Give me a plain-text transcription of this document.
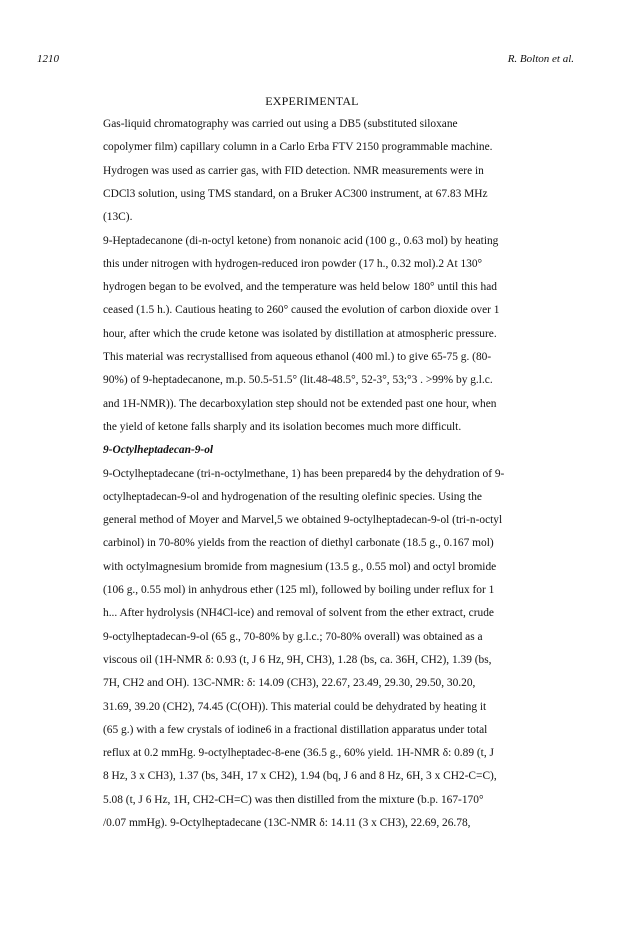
1210	R. Bolton et al.
EXPERIMENTAL
Gas-liquid chromatography was carried out using a DB5 (substituted siloxane
copolymer film) capillary column in a Carlo Erba FTV 2150 programmable machine.
Hydrogen was used as carrier gas, with FID detection. NMR measurements were in
CDCl3 solution, using TMS standard, on a Bruker AC300 instrument, at 67.83 MHz
(13C).
9-Heptadecanone (di-n-octyl ketone) from nonanoic acid (100 g., 0.63 mol) by heating
this under nitrogen with hydrogen-reduced iron powder (17 h., 0.32 mol).2 At 130°
hydrogen began to be evolved, and the temperature was held below 180° until this had
ceased (1.5 h.). Cautious heating to 260° caused the evolution of carbon dioxide over 1
hour, after which the crude ketone was isolated by distillation at atmospheric pressure.
This material was recrystallised from aqueous ethanol (400 ml.) to give 65-75 g. (80-
90%) of 9-heptadecanone, m.p. 50.5-51.5° (lit.48-48.5°, 52-3°, 53;°3 . >99% by g.l.c.
and 1H-NMR)). The decarboxylation step should not be extended past one hour, when
the yield of ketone falls sharply and its isolation becomes much more difficult.
9-Octylheptadecan-9-ol
9-Octylheptadecane (tri-n-octylmethane, 1) has been prepared4 by the dehydration of 9-
octylheptadecan-9-ol and hydrogenation of the resulting olefinic species. Using the
general method of Moyer and Marvel,5 we obtained 9-octylheptadecan-9-ol (tri-n-octyl
carbinol) in 70-80% yields from the reaction of diethyl carbonate (18.5 g., 0.167 mol)
with octylmagnesium bromide from magnesium (13.5 g., 0.55 mol) and octyl bromide
(106 g., 0.55 mol) in anhydrous ether (125 ml), followed by boiling under reflux for 1
h... After hydrolysis (NH4Cl-ice) and removal of solvent from the ether extract, crude
9-octylheptadecan-9-ol (65 g., 70-80% by g.l.c.; 70-80% overall) was obtained as a
viscous oil (1H-NMR δ: 0.93 (t, J 6 Hz, 9H, CH3), 1.28 (bs, ca. 36H, CH2), 1.39 (bs,
7H, CH2 and OH). 13C-NMR: δ: 14.09 (CH3), 22.67, 23.49, 29.30, 29.50, 30.20,
31.69, 39.20 (CH2), 74.45 (C(OH)). This material could be dehydrated by heating it
(65 g.) with a few crystals of iodine6 in a fractional distillation apparatus under total
reflux at 0.2 mmHg. 9-octylheptadec-8-ene (36.5 g., 60% yield. 1H-NMR δ: 0.89 (t, J
8 Hz, 3 x CH3), 1.37 (bs, 34H, 17 x CH2), 1.94 (bq, J 6 and 8 Hz, 6H, 3 x CH2-C=C),
5.08 (t, J 6 Hz, 1H, CH2-CH=C) was then distilled from the mixture (b.p. 167-170°
/0.07 mmHg). 9-Octylheptadecane (13C-NMR δ: 14.11 (3 x CH3), 22.69, 26.78,
